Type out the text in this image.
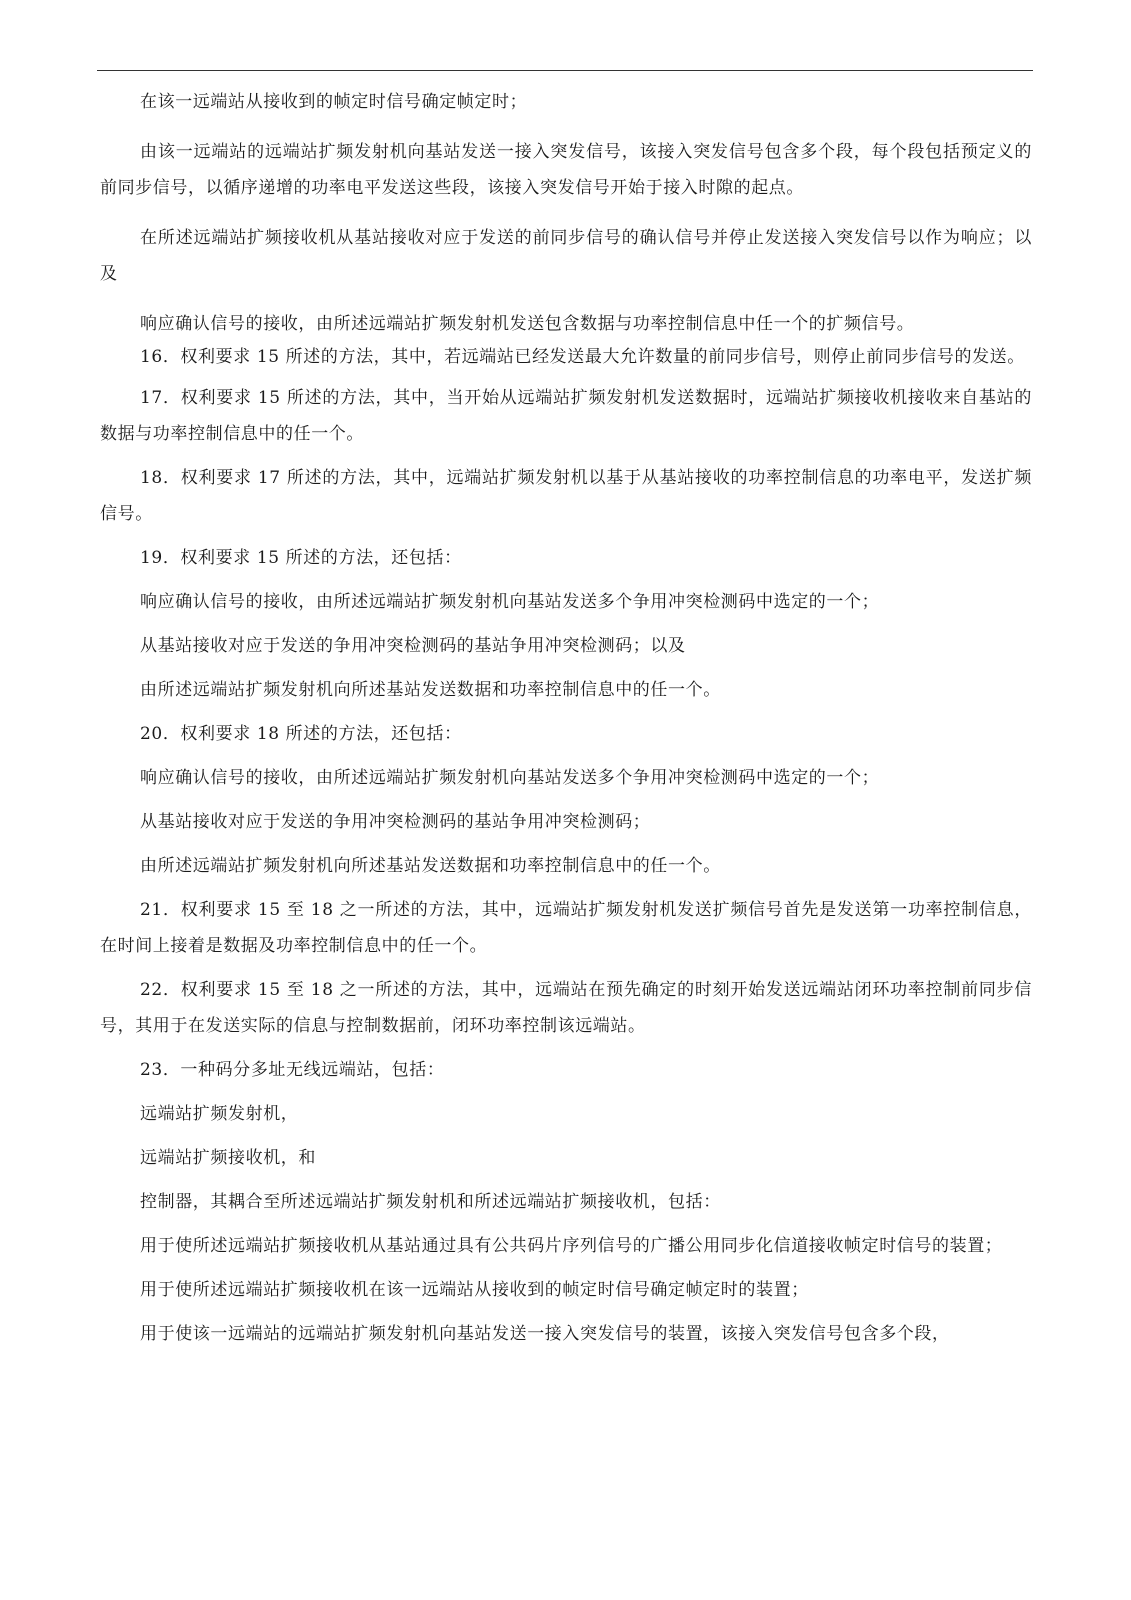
在该一远端站从接收到的帧定时信号确定帧定时；

由该一远端站的远端站扩频发射机向基站发送一接入突发信号，该接入突发信号包含多个段，每个段包括预定义的前同步信号，以循序递增的功率电平发送这些段，该接入突发信号开始于接入时隙的起点。

在所述远端站扩频接收机从基站接收对应于发送的前同步信号的确认信号并停止发送接入突发信号以作为响应；以及

响应确认信号的接收，由所述远端站扩频发射机发送包含数据与功率控制信息中任一个的扩频信号。

16．权利要求 15 所述的方法，其中，若远端站已经发送最大允许数量的前同步信号，则停止前同步信号的发送。

17．权利要求 15 所述的方法，其中，当开始从远端站扩频发射机发送数据时，远端站扩频接收机接收来自基站的数据与功率控制信息中的任一个。

18．权利要求 17 所述的方法，其中，远端站扩频发射机以基于从基站接收的功率控制信息的功率电平，发送扩频信号。

19．权利要求 15 所述的方法，还包括：

响应确认信号的接收，由所述远端站扩频发射机向基站发送多个争用冲突检测码中选定的一个；

从基站接收对应于发送的争用冲突检测码的基站争用冲突检测码；以及

由所述远端站扩频发射机向所述基站发送数据和功率控制信息中的任一个。

20．权利要求 18 所述的方法，还包括：

响应确认信号的接收，由所述远端站扩频发射机向基站发送多个争用冲突检测码中选定的一个；

从基站接收对应于发送的争用冲突检测码的基站争用冲突检测码；

由所述远端站扩频发射机向所述基站发送数据和功率控制信息中的任一个。

21．权利要求 15 至 18 之一所述的方法，其中，远端站扩频发射机发送扩频信号首先是发送第一功率控制信息，在时间上接着是数据及功率控制信息中的任一个。

22．权利要求 15 至 18 之一所述的方法，其中，远端站在预先确定的时刻开始发送远端站闭环功率控制前同步信号，其用于在发送实际的信息与控制数据前，闭环功率控制该远端站。

23．一种码分多址无线远端站，包括：

远端站扩频发射机，

远端站扩频接收机，和

控制器，其耦合至所述远端站扩频发射机和所述远端站扩频接收机，包括：

用于使所述远端站扩频接收机从基站通过具有公共码片序列信号的广播公用同步化信道接收帧定时信号的装置；

用于使所述远端站扩频接收机在该一远端站从接收到的帧定时信号确定帧定时的装置；

用于使该一远端站的远端站扩频发射机向基站发送一接入突发信号的装置，该接入突发信号包含多个段，
